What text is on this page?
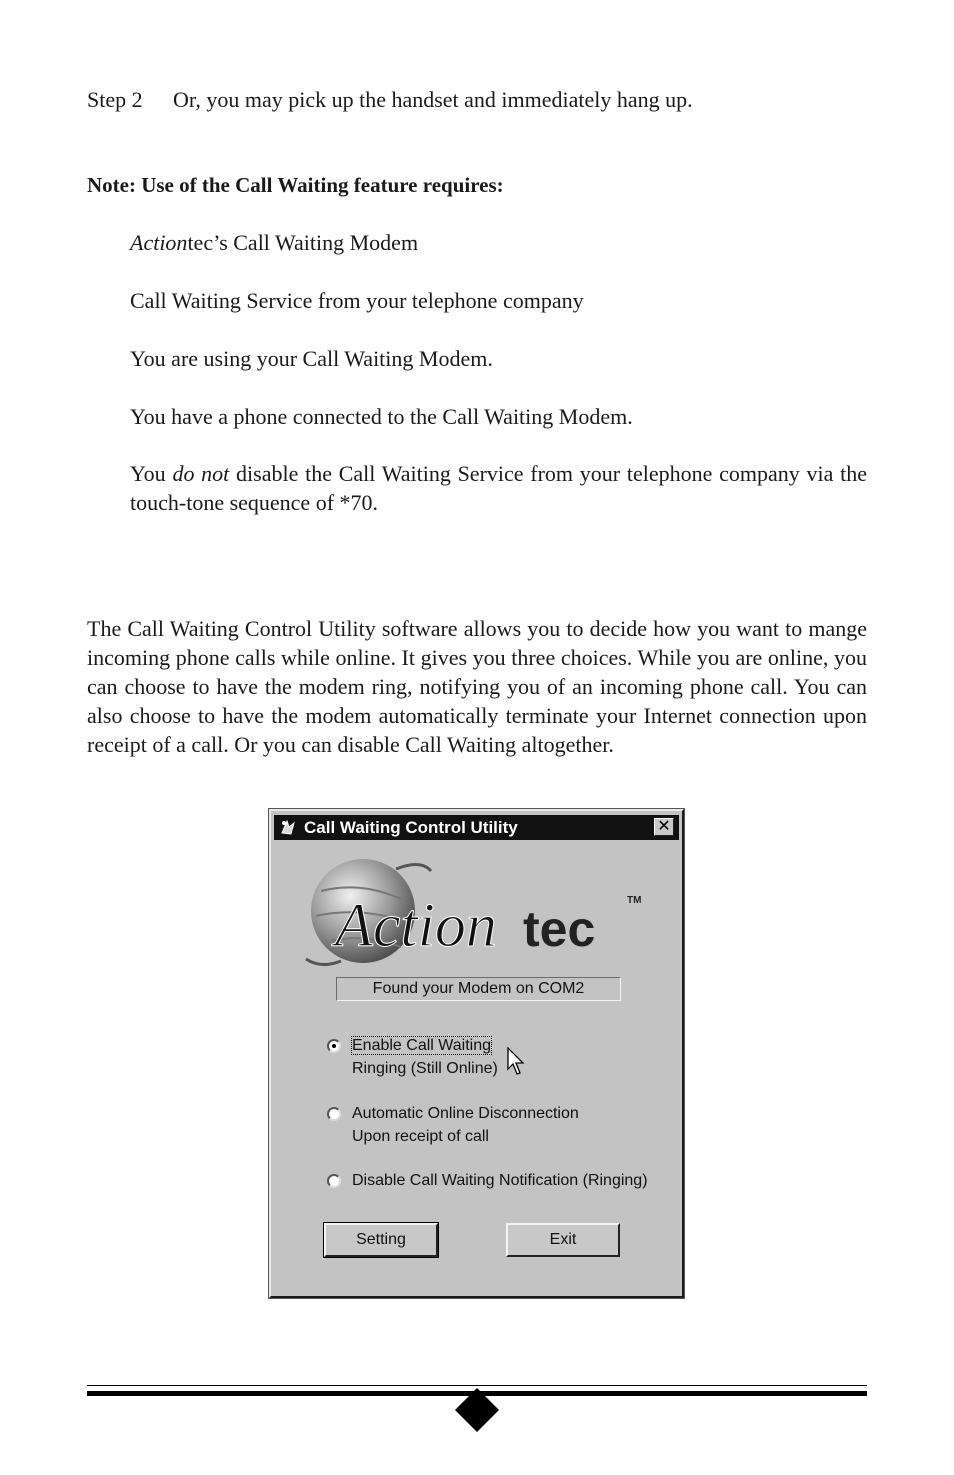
Step 2 Or, you may pick up the handset and immediately hang up.
Note: Use of the Call Waiting feature requires:
Actiontec’s Call Waiting Modem
Call Waiting Service from your telephone company
You are using your Call Waiting Modem.
You have a phone connected to the Call Waiting Modem.
You do not disable the Call Waiting Service from your telephone company via the touch-tone sequence of *70.
The Call Waiting Control Utility software allows you to decide how you want to mange incoming phone calls while online. It gives you three choices. While you are online, you can choose to have the modem ring, notifying you of an incoming phone call. You can also choose to have the modem automatically terminate your Internet connection upon receipt of a call. Or you can disable Call Waiting altogether.
Call Waiting Control Utility	✕
Action tec
TM
Found your Modem on COM2
Enable Call Waiting
Ringing (Still Online)
Automatic Online Disconnection
Upon receipt of call
Disable Call Waiting Notification (Ringing)
Setting	Exit
